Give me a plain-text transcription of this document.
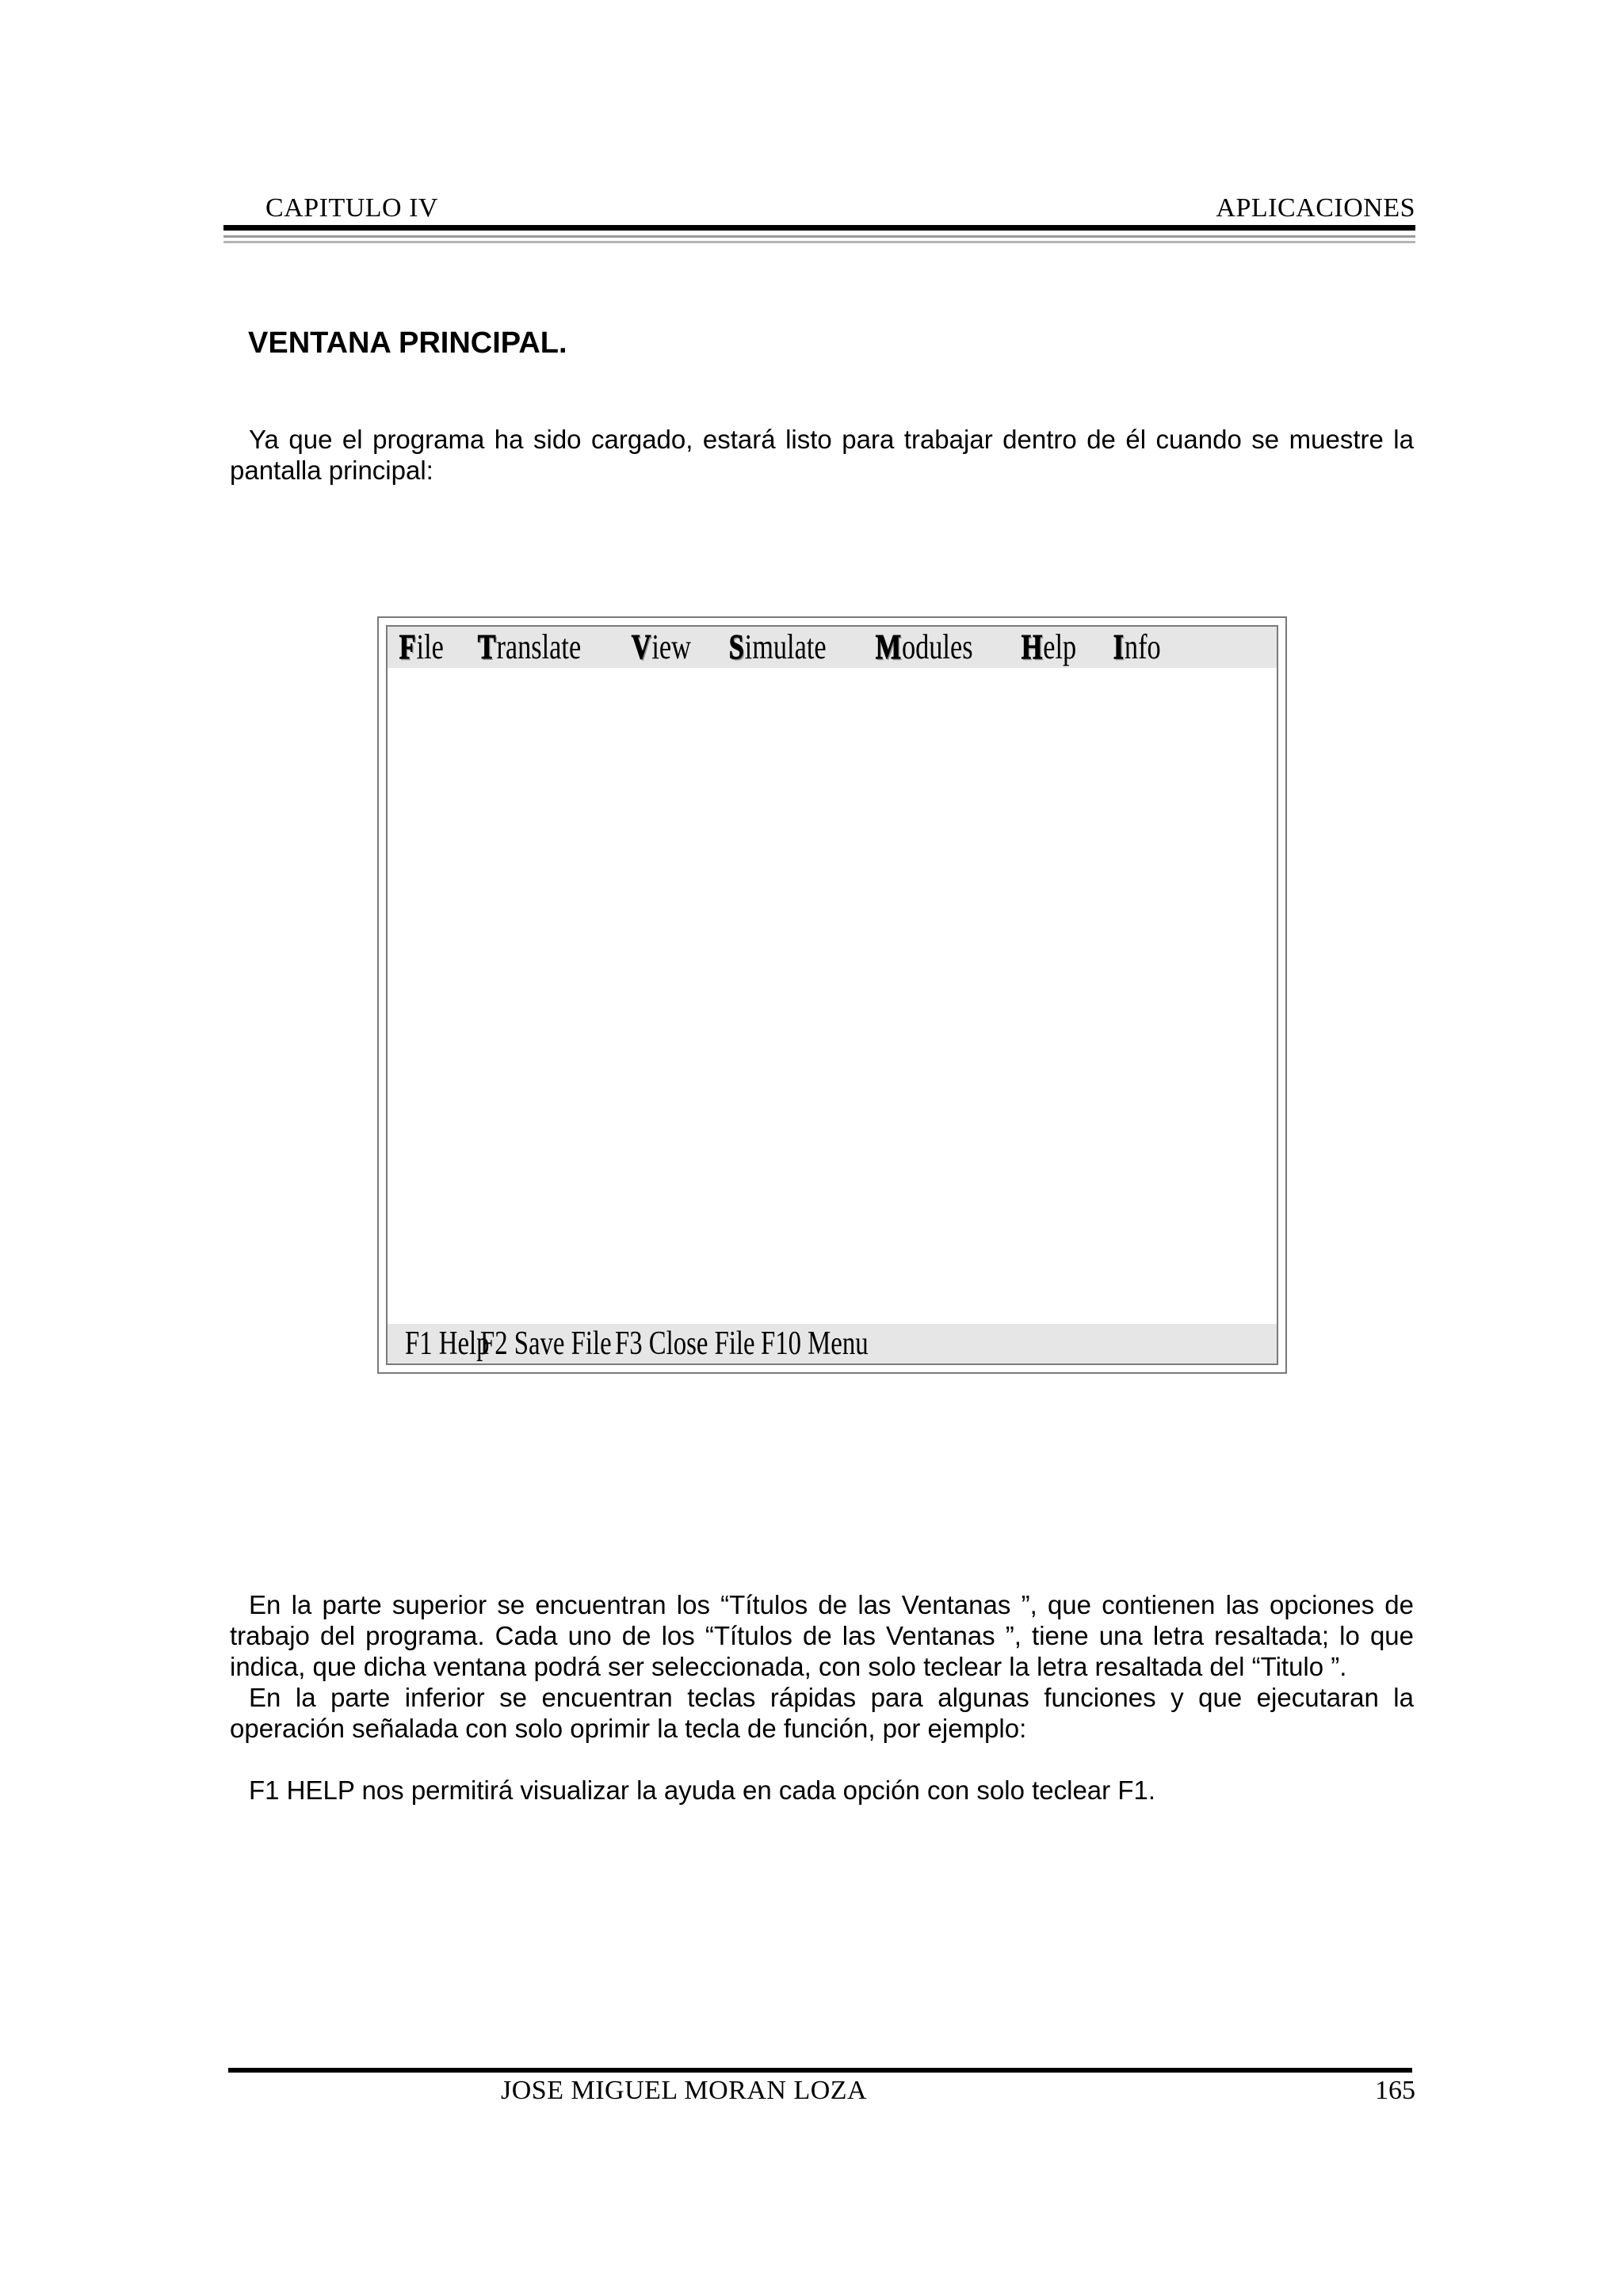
CAPITULO IV	APLICACIONES
VENTANA PRINCIPAL.
Ya que el programa ha sido cargado, estará listo para trabajar dentro de él cuando se muestre la pantalla principal:
File Translate View Simulate Modules Help Info
F1 Help
F2 Save File F3 Close File F10 Menu
En la parte superior se encuentran los “Títulos de las Ventanas ”, que contienen las opciones de trabajo del programa. Cada uno de los “Títulos de las Ventanas ”, tiene una letra resaltada; lo que indica, que dicha ventana podrá ser seleccionada, con solo teclear la letra resaltada del “Titulo ”.
En la parte inferior se encuentran teclas rápidas para algunas funciones y que ejecutaran la operación señalada con solo oprimir la tecla de función, por ejemplo:
F1 HELP nos permitirá visualizar la ayuda en cada opción con solo teclear F1.
JOSE MIGUEL MORAN LOZA	165
